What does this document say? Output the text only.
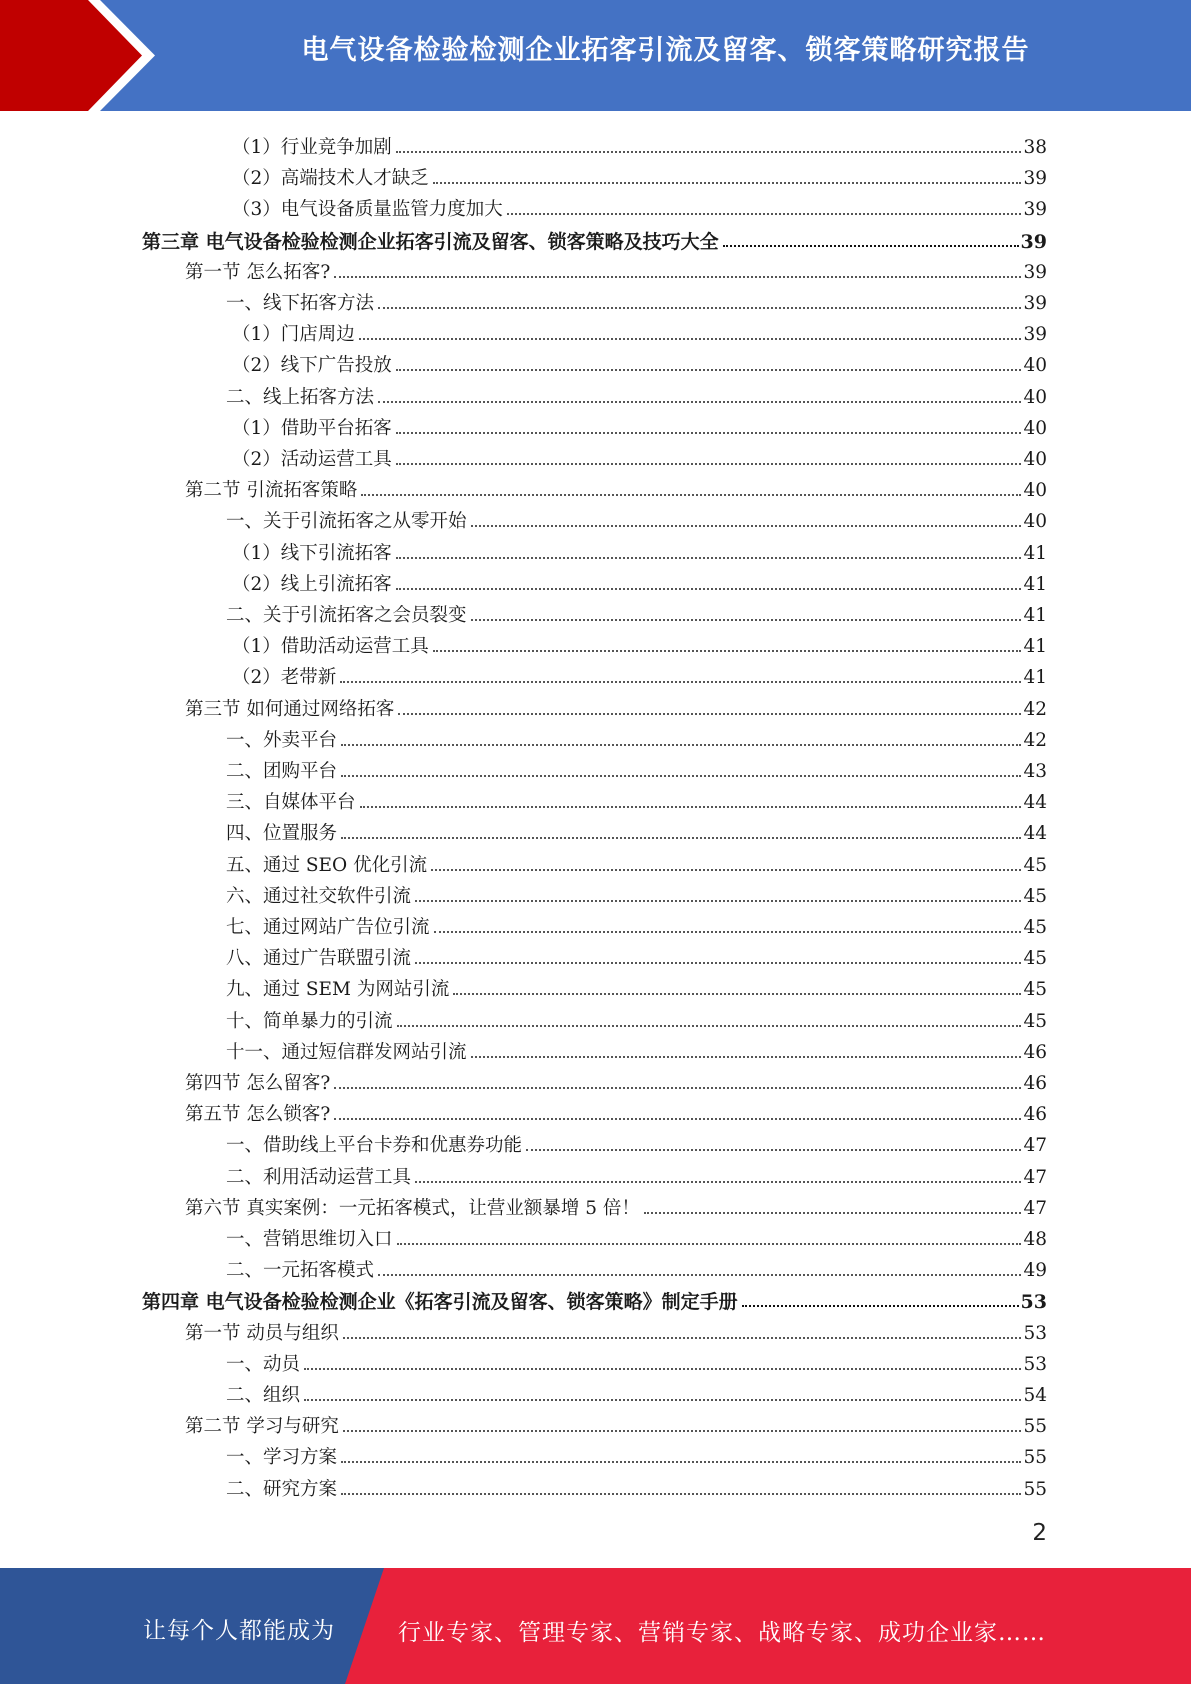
电气设备检验检测企业拓客引流及留客、锁客策略研究报告
（1）行业竞争加剧	38
（2）高端技术人才缺乏	39
（3）电气设备质量监管力度加大	39
第三章 电气设备检验检测企业拓客引流及留客、锁客策略及技巧大全	39
第一节 怎么拓客?	39
一、线下拓客方法	39
（1）门店周边	39
（2）线下广告投放	40
二、线上拓客方法	40
（1）借助平台拓客	40
（2）活动运营工具	40
第二节 引流拓客策略	40
一、关于引流拓客之从零开始	40
（1）线下引流拓客	41
（2）线上引流拓客	41
二、关于引流拓客之会员裂变	41
（1）借助活动运营工具	41
（2）老带新	41
第三节 如何通过网络拓客	42
一、外卖平台	42
二、团购平台	43
三、自媒体平台	44
四、位置服务	44
五、通过 SEO 优化引流	45
六、通过社交软件引流	45
七、通过网站广告位引流	45
八、通过广告联盟引流	45
九、通过 SEM 为网站引流	45
十、简单暴力的引流	45
十一、通过短信群发网站引流	46
第四节 怎么留客?	46
第五节 怎么锁客?	46
一、借助线上平台卡券和优惠券功能	47
二、利用活动运营工具	47
第六节 真实案例：一元拓客模式，让营业额暴增 5 倍！	47
一、营销思维切入口	48
二、一元拓客模式	49
第四章 电气设备检验检测企业《拓客引流及留客、锁客策略》制定手册	53
第一节 动员与组织	53
一、动员	53
二、组织	54
第二节 学习与研究	55
一、学习方案	55
二、研究方案	55
2
让每个人都能成为	行业专家、管理专家、营销专家、战略专家、成功企业家……
